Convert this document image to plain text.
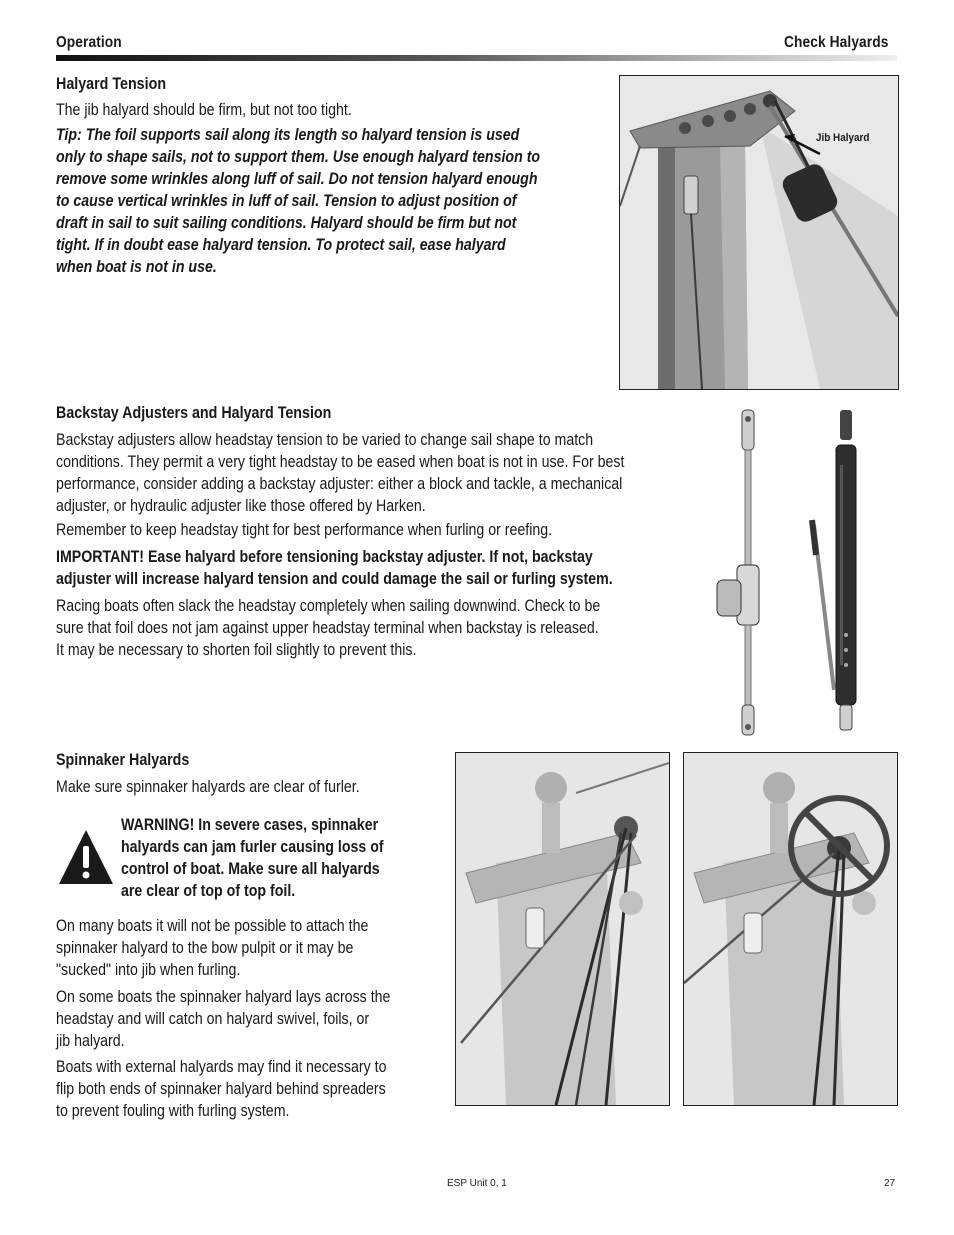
Operation	Check Halyards
Halyard Tension
The jib halyard should be firm, but not too tight.
Tip: The foil supports sail along its length so halyard tension is used
only to shape sails, not to support them. Use enough halyard tension to
remove some wrinkles along luff of sail. Do not tension halyard enough
to cause vertical wrinkles in luff of sail. Tension to adjust position of
draft in sail to suit sailing conditions. Halyard should be firm but not
tight. If in doubt ease halyard tension. To protect sail, ease halyard
when boat is not in use.
Jib Halyard
Backstay Adjusters and Halyard Tension
Backstay adjusters allow headstay tension to be varied to change sail shape to match
conditions. They permit a very tight headstay to be eased when boat is not in use. For best
performance, consider adding a backstay adjuster: either a block and tackle, a mechanical
adjuster, or hydraulic adjuster like those offered by Harken.
Remember to keep headstay tight for best performance when furling or reefing.
IMPORTANT! Ease halyard before tensioning backstay adjuster. If not, backstay
adjuster will increase halyard tension and could damage the sail or furling system.
Racing boats often slack the headstay completely when sailing downwind. Check to be
sure that foil does not jam against upper headstay terminal when backstay is released.
It may be necessary to shorten foil slightly to prevent this.
Spinnaker Halyards
Make sure spinnaker halyards are clear of furler.
WARNING! In severe cases, spinnaker
halyards can jam furler causing loss of
control of boat. Make sure all halyards
are clear of top of top foil.
On many boats it will not be possible to attach the
spinnaker halyard to the bow pulpit or it may be
"sucked" into jib when furling.
On some boats the spinnaker halyard lays across the
headstay and will catch on halyard swivel, foils, or
jib halyard.
Boats with external halyards may find it necessary to
flip both ends of spinnaker halyard behind spreaders
to prevent fouling with furling system.
ESP Unit 0, 1	27
